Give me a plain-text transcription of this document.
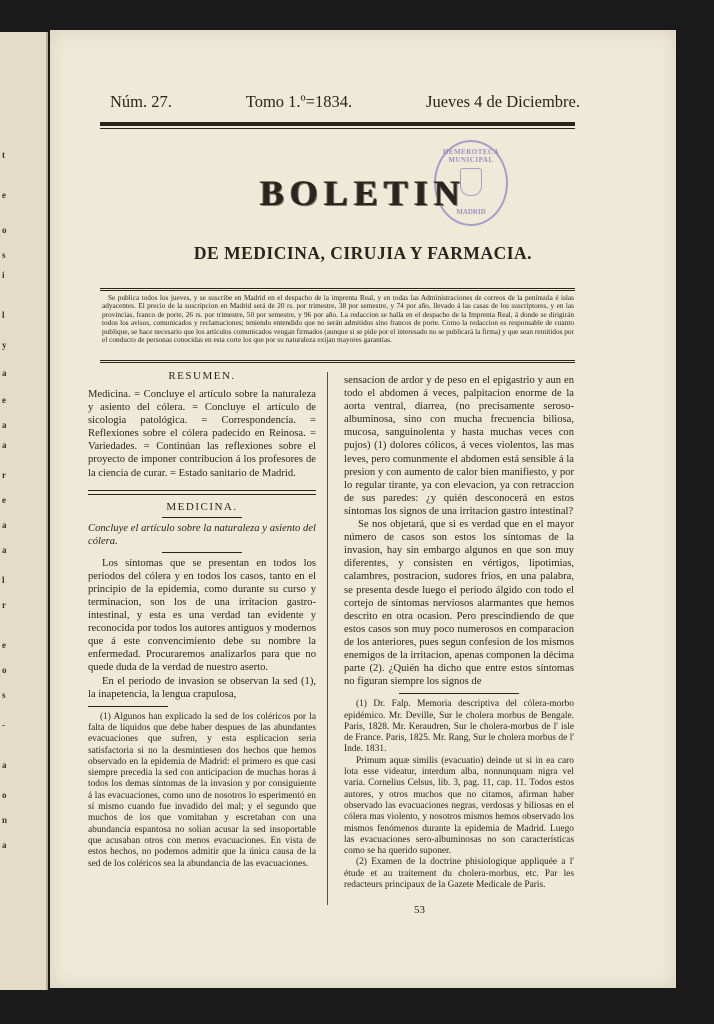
t
e
o
s
i
l
y
a
e
a
a
r
e
a
a
l
r
e
o
s
-
a
o
n
a
Núm. 27.	Tomo 1.º=1834.	Jueves 4 de Diciembre.
HEMEROTECA MUNICIPAL
MADRID
BOLETIN
DE MEDICINA, CIRUJIA Y FARMACIA.

Se publica todos los jueves, y se suscribe en Madrid en el despacho de la imprenta Real, y en todas las Administraciones de correos de la península é islas adyacentes. El precio de la suscripcion en Madrid será de 20 rs. por trimestre, 38 por semestre, y 74 por año, llevado á las casas de los suscriptores, y en las provincias, franco de porte, 26 rs. por trimestre, 50 por semestre, y 96 por año. La redaccion se halla en el despacho de la Imprenta Real, á donde se dirigirán todos los avisos, comunicados y reclamaciones; teniendo entendido que no serán admitidos sino francos de porte. Como la redaccion es responsable de cuanto publique, se hace necesario que los artículos comunicados vengan firmados (aunque si se pide por el interesado no se publicará la firma) y que sean remitidos por el conducto de personas conocidas en esta corte los que por su naturaleza exijan mayores garantías.

RESUMEN.

Medicina. = Concluye el artículo sobre la naturaleza y asiento del cólera. = Concluye el artículo de sicologia patológica. = Correspondencia. = Reflexiones sobre el cólera padecido en Reinosa. = Variedades. = Continúan las reflexiones sobre el proyecto de imponer contribucion á los profesores de la ciencia de curar. = Estado sanitario de Madrid.

MEDICINA.

Concluye el artículo sobre la naturaleza y asiento del cólera.

Los síntomas que se presentan en todos los periodos del cólera y en todos los casos, tanto en el principio de la epidemia, como durante su curso y terminacion, son los de una irritacion gastro-intestinal, y esta es una verdad tan evidente y reconocida por todos los autores antiguos y modernos que á este convencimiento debe su nombre la enfermedad. Procuraremos analizarlos para que no quede duda de la verdad de nuestro aserto.

En el periodo de invasion se observan la sed (1), la inapetencia, la lengua crapulosa,

(1) Algunos han explicado la sed de los coléricos por la falta de líquidos que debe haber despues de las abundantes evacuaciones que sufren, y esta esplicacion seria satisfactoria si no la desmintiesen dos hechos que hemos observado en la epidemia de Madrid: el primero es que casi siempre precedia la sed con anticipacion de muchas horas á todos los demas síntomas de la invasion y por consiguiente á las evacuaciones, como uno de nosotros lo esperimentó en sí mismo cuando fue invadido del mal; y el segundo que muchos de los que vomitaban y escretaban con una abundancia espantosa no solian acusar la sed insoportable que acusaban otros con menos evacuaciones. En vista de estos hechos, no podemos admitir que la única causa de la sed de los coléricos sea la abundancia de las evacuaciones.

sensacion de ardor y de peso en el epigastrio y aun en todo el abdomen á veces, palpitacion enorme de la aorta ventral, diarrea, (no precisamente seroso-albuminosa, sino con mucha frecuencia biliosa, mucosa, sanguinolenta y hasta muchas veces con pujos) (1) dolores cólicos, á veces violentos, las mas leves, pero comunmente el abdomen está sensible á la presion y con aumento de calor bien manifiesto, y por lo regular tirante, ya con elevacion, ya con retraccion de sus paredes: ¿y quién desconocerá en estos síntomas los signos de una irritacion gastro intestinal?

Se nos objetará, que si es verdad que en el mayor número de casos son estos los síntomas de la invasion, hay sin embargo algunos en que son muy diferentes, y consisten en vértigos, lipotimias, calambres, postracion, sudores frios, en una palabra, se presenta desde luego el periodo álgido con todo el cortejo de síntomas nerviosos alarmantes que hemos descrito en otra ocasion. Pero prescindiendo de que estos casos son muy poco numerosos en comparacion de los anteriores, pues segun confesion de los mismos enemigos de la irritacion, apenas componen la décima parte (2). ¿Quién ha dicho que entre estos síntomas no figuran siempre los signos de

(1) Dr. Falp. Memoria descriptiva del cólera-morbo epidémico. Mr. Deville, Sur le cholera morbus de Bengale. Paris, 1828. Mr. Keraudren, Sur le cholera-morbus de l' isle de France. Paris, 1825. Mr. Rang, Sur le cholera morbus de l' Inde. 1831.

Primum aquæ similis (evacuatio) deinde ut si in ea caro lota esse videatur, interdum alba, nonnunquam nigra vel varia. Cornelius Celsus, lib. 3, pag. 11, cap. 11. Todos estos autores, y otros muchos que no citamos, afirman haber observado las evacuaciones negras, verdosas y biliosas en el cólera mas violento, y nosotros mismos hemos observado los mismos fenómenos durante la epidemia de Madrid. Luego las evacuaciones sero-albuminosas no son características como se ha querido suponer.

(2) Examen de la doctrine phisiologique appliquée a l' étude et au traitement du cholera-morbus, etc. Par les redacteurs principaux de la Gazete Medicale de Paris.

53
